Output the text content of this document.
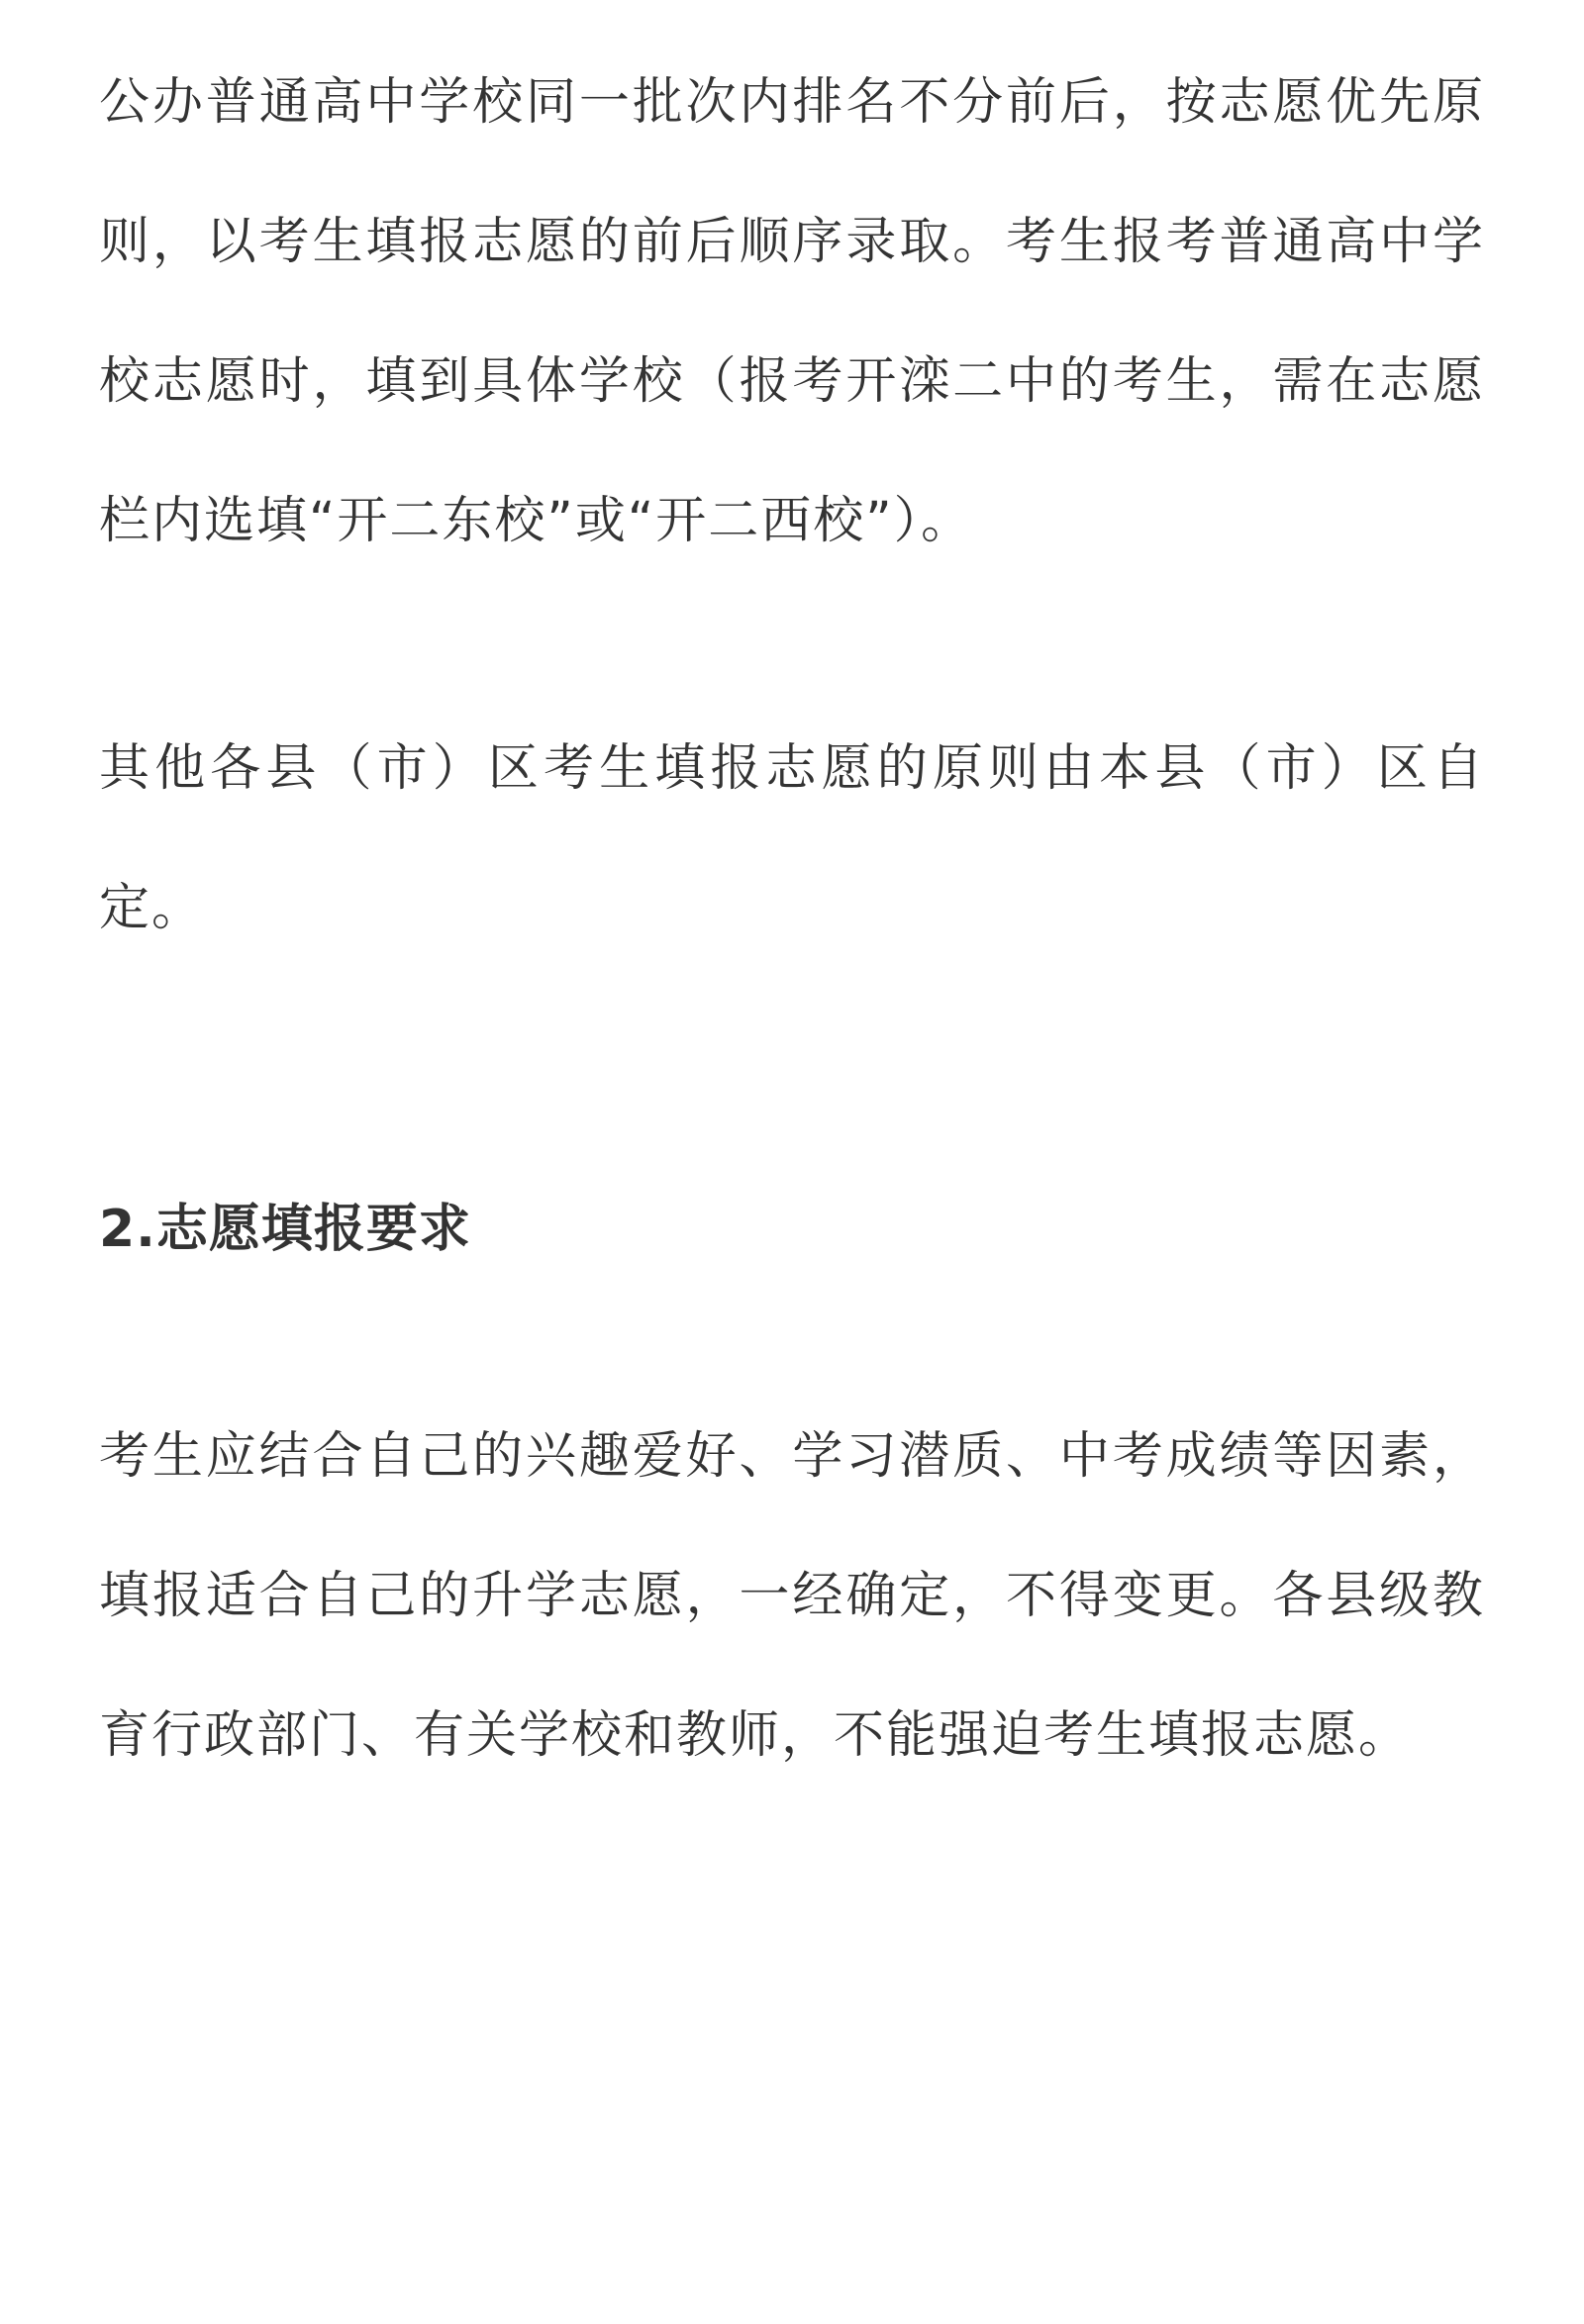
公办普通高中学校同一批次内排名不分前后，按志愿优先原则，以考生填报志愿的前后顺序录取。考生报考普通高中学校志愿时，填到具体学校（报考开滦二中的考生，需在志愿栏内选填“开二东校”或“开二西校”）。

其他各县（市）区考生填报志愿的原则由本县（市）区自定。

2.志愿填报要求

考生应结合自己的兴趣爱好、学习潜质、中考成绩等因素，填报适合自己的升学志愿，一经确定，不得变更。各县级教育行政部门、有关学校和教师，不能强迫考生填报志愿。
